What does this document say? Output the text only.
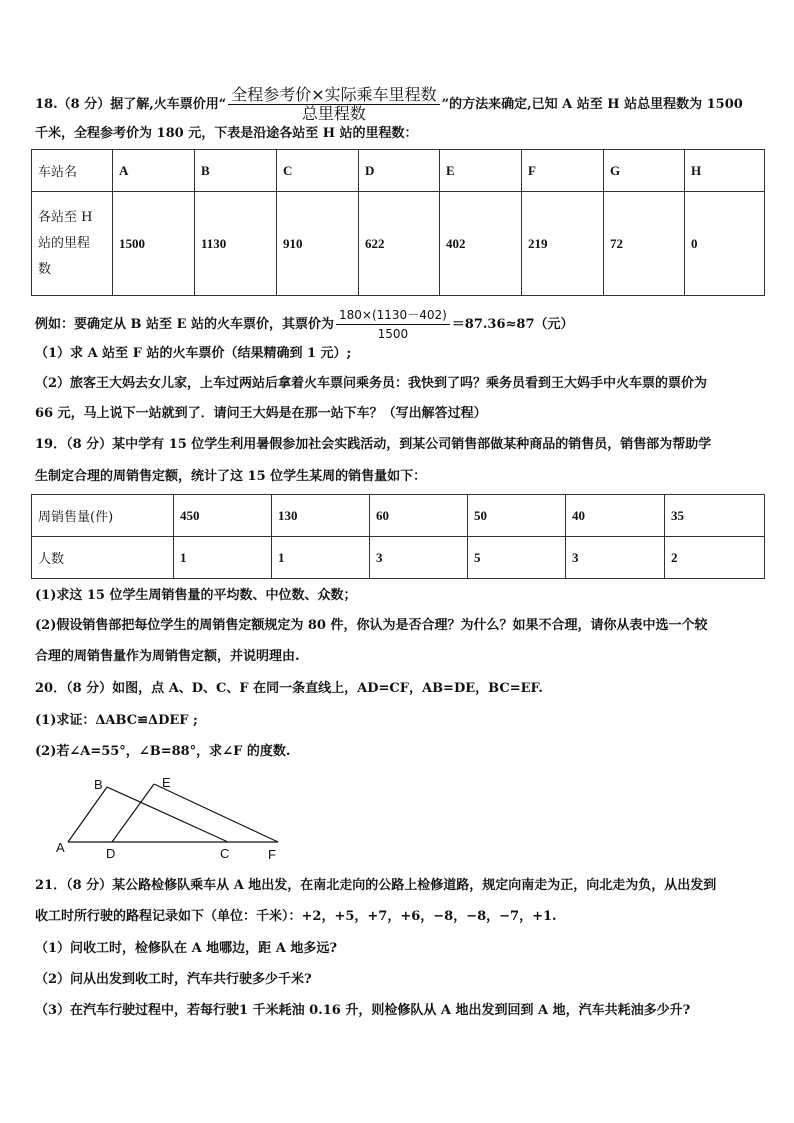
18.（8 分）据了解,火车票价用“ $\frac{\text{全程参考价×实际乘车里程数}}{\text{总里程数}}$ ”的方法来确定,已知 A 站至 H 站总里程数为 1500
千米，全程参考价为 180 元，下表是沿途各站至 H 站的里程数：
车站名	A	B	C	D	E	F	G	H
各站至 H
站的里程
数	1500	1130	910	622	402	219	72	0
例如：要确定从 B 站至 E 站的火车票价，其票价为 $\frac{180\times(1130-402)}{1500} =87.36\approx 87$（元）
（1）求 A 站至 F 站的火车票价（结果精确到 1 元）;
（2）旅客王大妈去女儿家，上车过两站后拿着火车票问乘务员：我快到了吗？乘务员看到王大妈手中火车票的票价为
66 元，马上说下一站就到了．请问王大妈是在那一站下车？（写出解答过程）
19．（8 分）某中学有 15 位学生利用暑假参加社会实践活动，到某公司销售部做某种商品的销售员，销售部为帮助学
生制定合理的周销售定额，统计了这 15 位学生某周的销售量如下：
周销售量(件)	450	130	60	50	40	35
人数	1	1	3	5	3	2
(1)求这 15 位学生周销售量的平均数、中位数、众数；
(2)假设销售部把每位学生的周销售定额规定为 80 件，你认为是否合理？为什么？如果不合理，请你从表中选一个较
合理的周销售量作为周销售定额，并说明理由.
20．（8 分）如图，点 A、D、C、F 在同一条直线上，AD=CF，AB=DE，BC=EF.
(1)求证：ΔABC≌ΔDEF ;
(2)若∠A=55°，∠B=88°，求∠F 的度数.
A
B
D
E
C	F
21．（8 分）某公路检修队乘车从 A 地出发，在南北走向的公路上检修道路，规定向南走为正，向北走为负，从出发到
收工时所行驶的路程记录如下（单位：千米）：+2，+5，+7，+6，−8，−8，−7，+1.
（1）问收工时，检修队在 A 地哪边，距 A 地多远?
（2）问从出发到收工时，汽车共行驶多少千米?
（3）在汽车行驶过程中，若每行驶1 千米耗油 0.16 升，则检修队从 A 地出发到回到 A 地，汽车共耗油多少升?
